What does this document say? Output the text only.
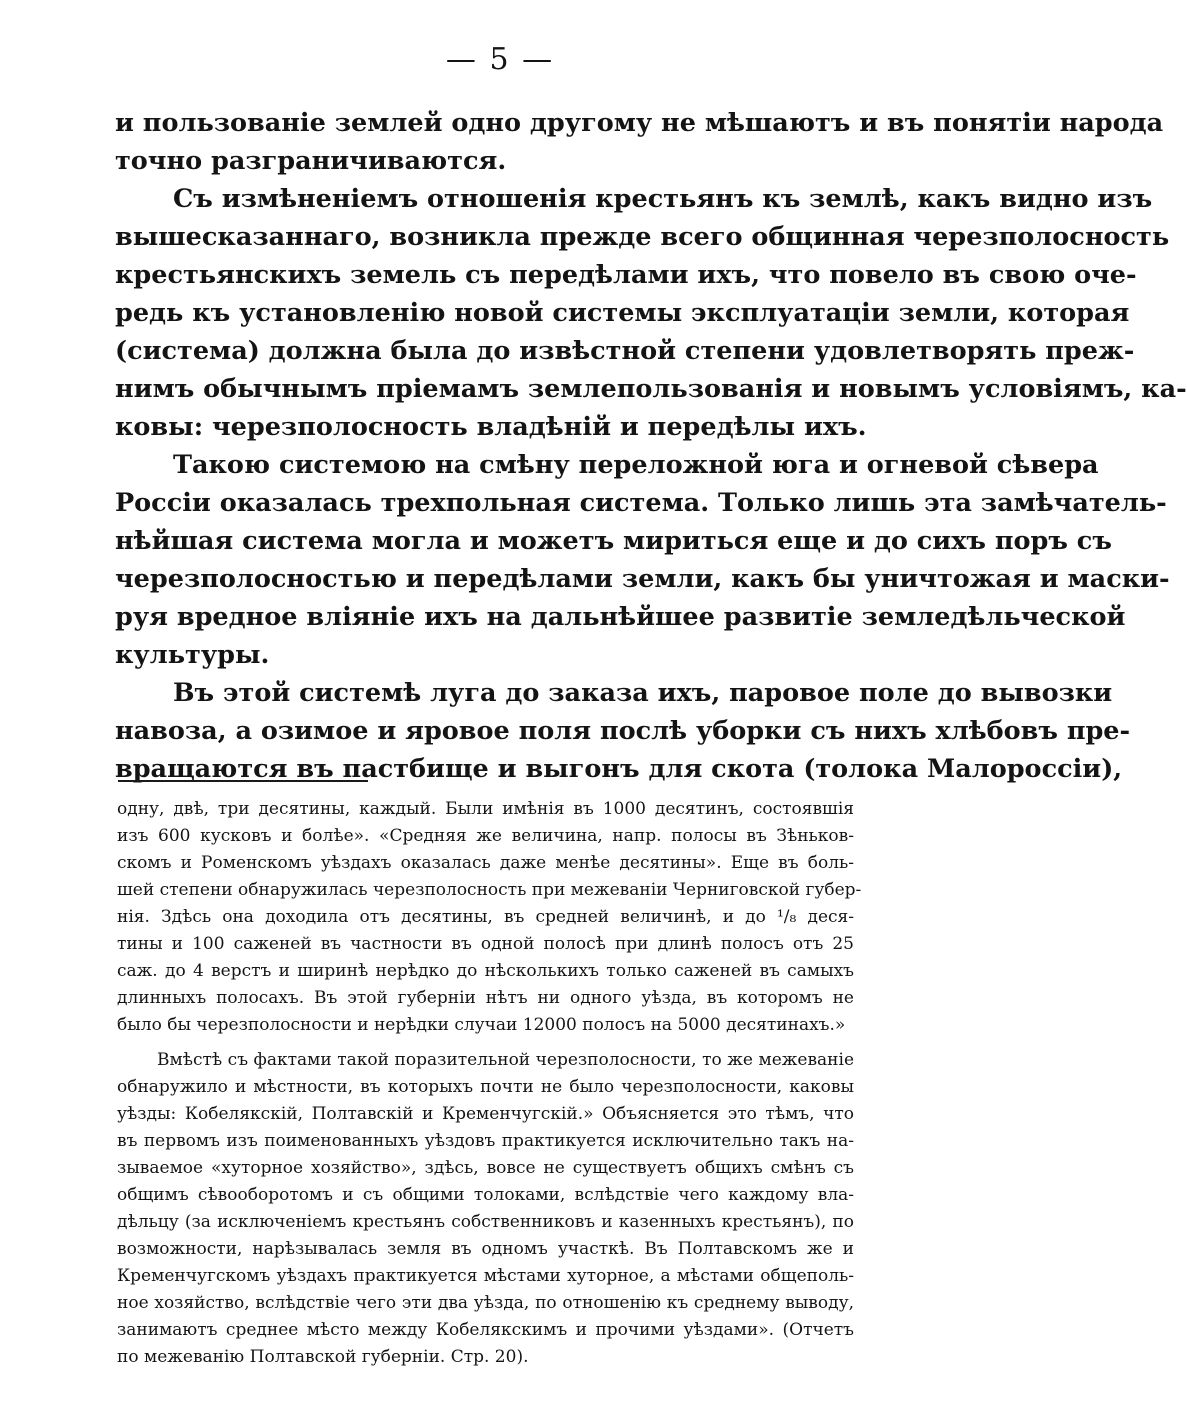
— 5 —
и пользованіе землей одно другому не мѣшаютъ и въ понятіи народа
точно разграничиваются.
Съ измѣненіемъ отношенія крестьянъ къ землѣ, какъ видно изъ
вышесказаннаго, возникла прежде всего общинная черезполосность
крестьянскихъ земель съ передѣлами ихъ, что повело въ свою оче-
редь къ установленію новой системы эксплуатаціи земли, которая
(система) должна была до извѣстной степени удовлетворять преж-
нимъ обычнымъ пріемамъ землепользованія и новымъ условіямъ, ка-
ковы: черезполосность владѣній и передѣлы ихъ.
Такою системою на смѣну переложной юга и огневой сѣвера
Россіи оказалась трехпольная система. Только лишь эта замѣчатель-
нѣйшая система могла и можетъ мириться еще и до сихъ поръ съ
черезполосностью и передѣлами земли, какъ бы уничтожая и маски-
руя вредное вліяніе ихъ на дальнѣйшее развитіе земледѣльческой
культуры.
Въ этой системѣ луга до заказа ихъ, паровое поле до вывозки
навоза, а озимое и яровое поля послѣ уборки съ нихъ хлѣбовъ пре-
вращаются въ пастбище и выгонъ для скота (толока Малороссіи),
одну, двѣ, три десятины, каждый. Были имѣнія въ 1000 десятинъ, состоявшія
изъ 600 кусковъ и болѣе». «Средняя же величина, напр. полосы въ Зѣньков-
скомъ и Роменскомъ уѣздахъ оказалась даже менѣе десятины». Еще въ боль-
шей степени обнаружилась черезполосность при межеваніи Черниговской губер-
нія. Здѣсь она доходила отъ десятины, въ средней величинѣ, и до ¹/₈ деся-
тины и 100 саженей въ частности въ одной полосѣ при длинѣ полосъ отъ 25
саж. до 4 верстъ и ширинѣ нерѣдко до нѣсколькихъ только саженей въ самыхъ
длинныхъ полосахъ. Въ этой губерніи нѣтъ ни одного уѣзда, въ которомъ не
было бы черезполосности и нерѣдки случаи 12000 полосъ на 5000 десятинахъ.»
Вмѣстѣ съ фактами такой поразительной черезполосности, то же межеваніе
обнаружило и мѣстности, въ которыхъ почти не было черезполосности, каковы
уѣзды: Кобелякскій, Полтавскій и Кременчугскій.» Объясняется это тѣмъ, что
въ первомъ изъ поименованныхъ уѣздовъ практикуется исключительно такъ на-
зываемое «хуторное хозяйство», здѣсь, вовсе не существуетъ общихъ смѣнъ съ
общимъ сѣвооборотомъ и съ общими толоками, вслѣдствіе чего каждому вла-
дѣльцу (за исключеніемъ крестьянъ собственниковъ и казенныхъ крестьянъ), по
возможности, нарѣзывалась земля въ одномъ участкѣ. Въ Полтавскомъ же и
Кременчугскомъ уѣздахъ практикуется мѣстами хуторное, а мѣстами общеполь-
ное хозяйство, вслѣдствіе чего эти два уѣзда, по отношенію къ среднему выводу,
занимаютъ среднее мѣсто между Кобелякскимъ и прочими уѣздами». (Отчетъ
по межеванію Полтавской губерніи. Стр. 20).
